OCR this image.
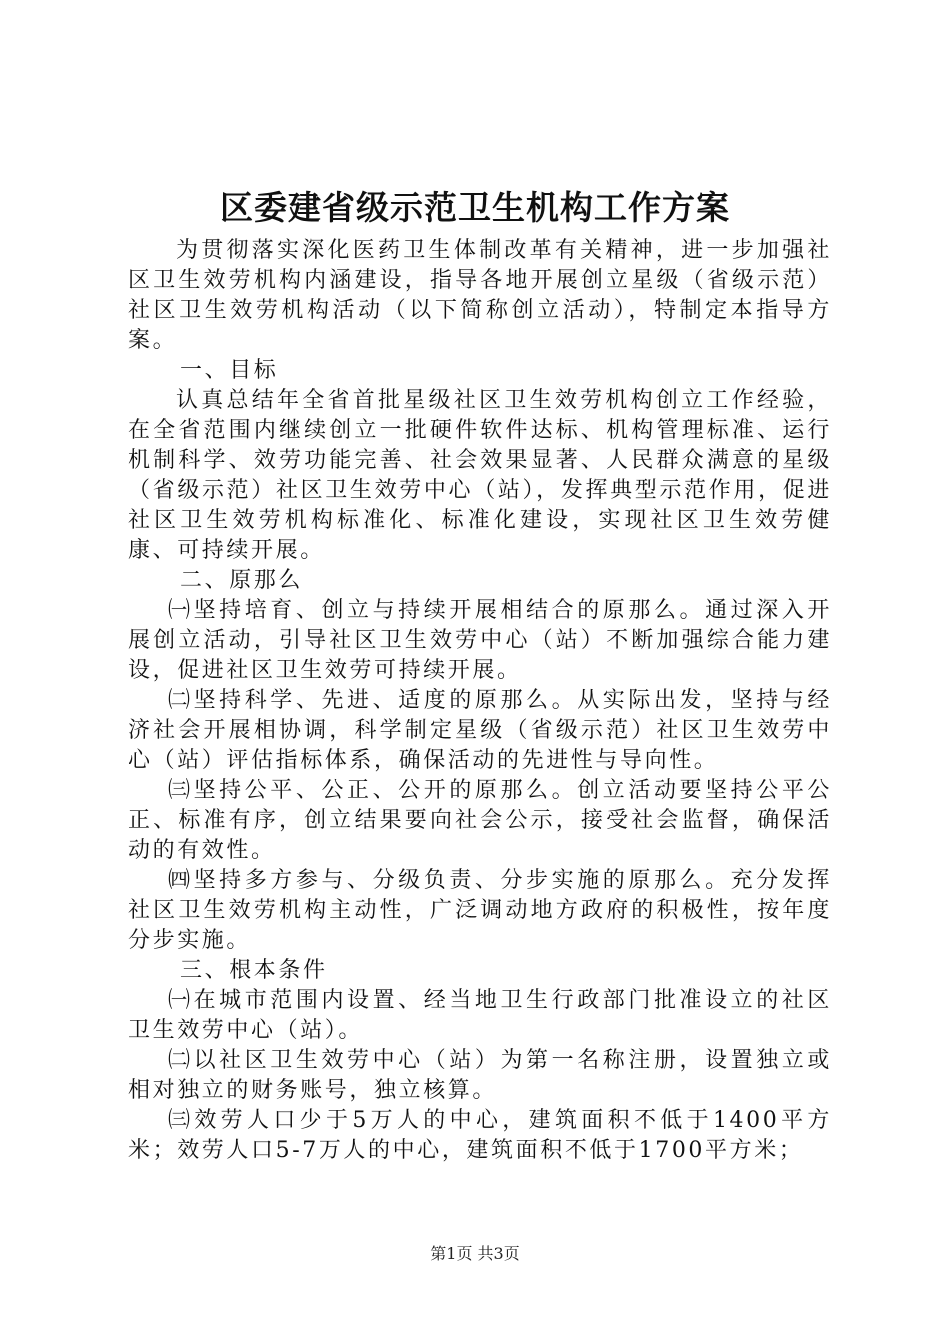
区委建省级示范卫生机构工作方案

为贯彻落实深化医药卫生体制改革有关精神，进一步加强社区卫生效劳机构内涵建设，指导各地开展创立星级（省级示范）社区卫生效劳机构活动（以下简称创立活动），特制定本指导方案。

一、目标

认真总结年全省首批星级社区卫生效劳机构创立工作经验，在全省范围内继续创立一批硬件软件达标、机构管理标准、运行机制科学、效劳功能完善、社会效果显著、人民群众满意的星级（省级示范）社区卫生效劳中心（站），发挥典型示范作用，促进社区卫生效劳机构标准化、标准化建设，实现社区卫生效劳健康、可持续开展。

二、原那么

㈠坚持培育、创立与持续开展相结合的原那么。通过深入开展创立活动，引导社区卫生效劳中心（站）不断加强综合能力建设，促进社区卫生效劳可持续开展。

㈡坚持科学、先进、适度的原那么。从实际出发，坚持与经济社会开展相协调，科学制定星级（省级示范）社区卫生效劳中心（站）评估指标体系，确保活动的先进性与导向性。

㈢坚持公平、公正、公开的原那么。创立活动要坚持公平公正、标准有序，创立结果要向社会公示，接受社会监督，确保活动的有效性。

㈣坚持多方参与、分级负责、分步实施的原那么。充分发挥社区卫生效劳机构主动性，广泛调动地方政府的积极性，按年度分步实施。

三、根本条件

㈠在城市范围内设置、经当地卫生行政部门批准设立的社区卫生效劳中心（站）。

㈡以社区卫生效劳中心（站）为第一名称注册，设置独立或相对独立的财务账号，独立核算。

㈢效劳人口少于5万人的中心，建筑面积不低于1400平方米；效劳人口5-7万人的中心，建筑面积不低于1700平方米；

第1页 共3页
